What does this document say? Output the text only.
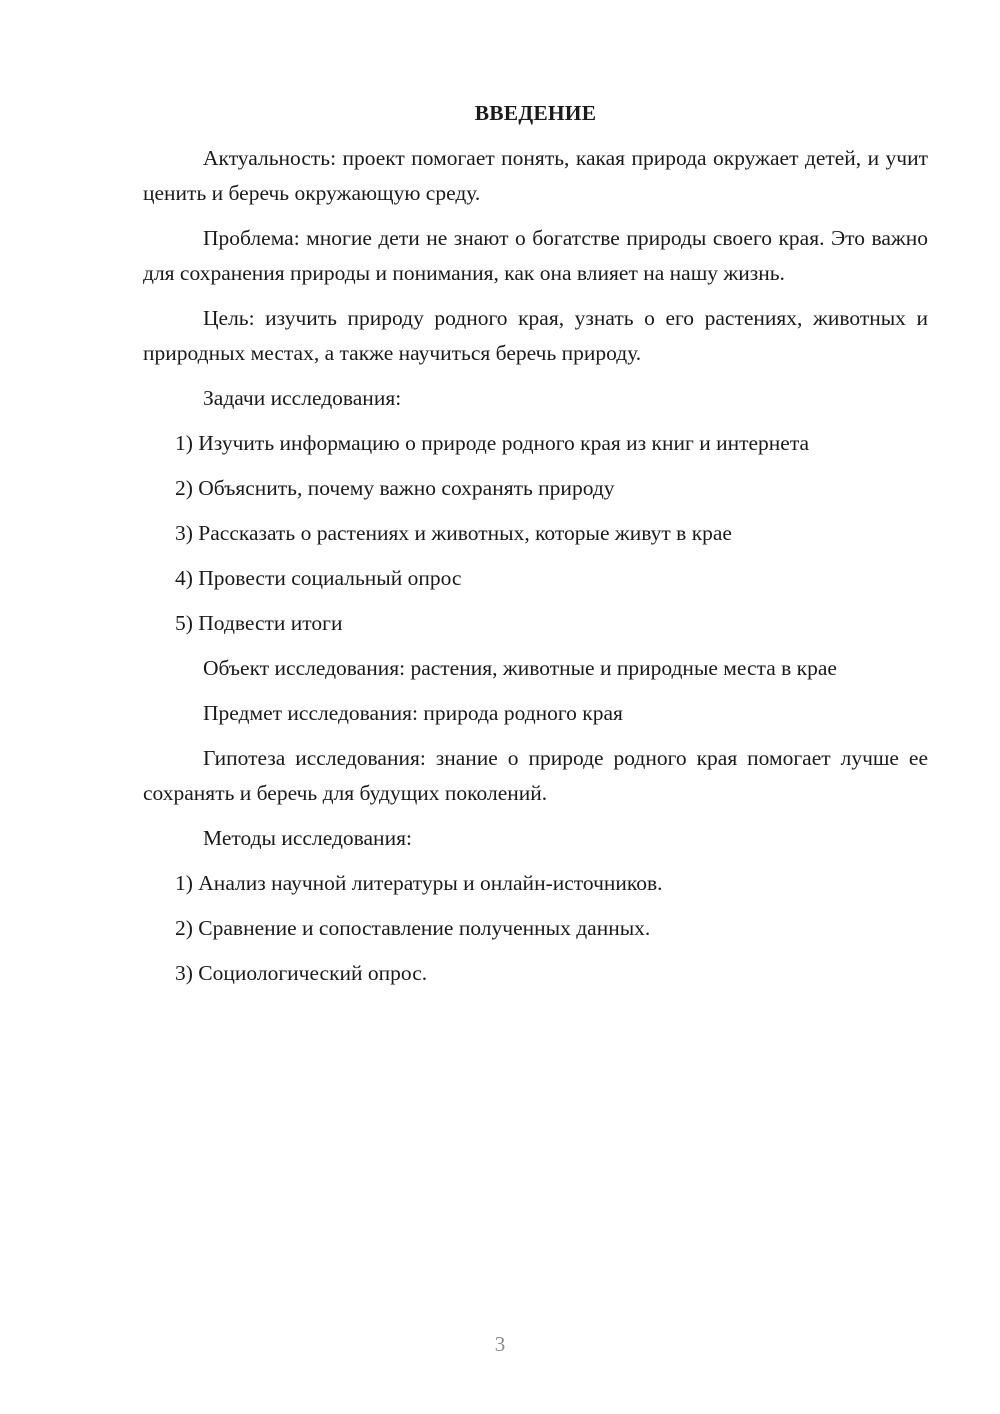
ВВЕДЕНИЕ
Актуальность: проект помогает понять, какая природа окружает детей, и учит ценить и беречь окружающую среду.
Проблема: многие дети не знают о богатстве природы своего края. Это важно для сохранения природы и понимания, как она влияет на нашу жизнь.
Цель: изучить природу родного края, узнать о его растениях, животных и природных местах, а также научиться беречь природу.
Задачи исследования:
1) Изучить информацию о природе родного края из книг и интернета
2) Объяснить, почему важно сохранять природу
3) Рассказать о растениях и животных, которые живут в крае
4) Провести социальный опрос
5) Подвести итоги
Объект исследования: растения, животные и природные места в крае
Предмет исследования: природа родного края
Гипотеза исследования: знание о природе родного края помогает лучше ее сохранять и беречь для будущих поколений.
Методы исследования:
1) Анализ научной литературы и онлайн-источников.
2) Сравнение и сопоставление полученных данных.
3) Социологический опрос.
3
